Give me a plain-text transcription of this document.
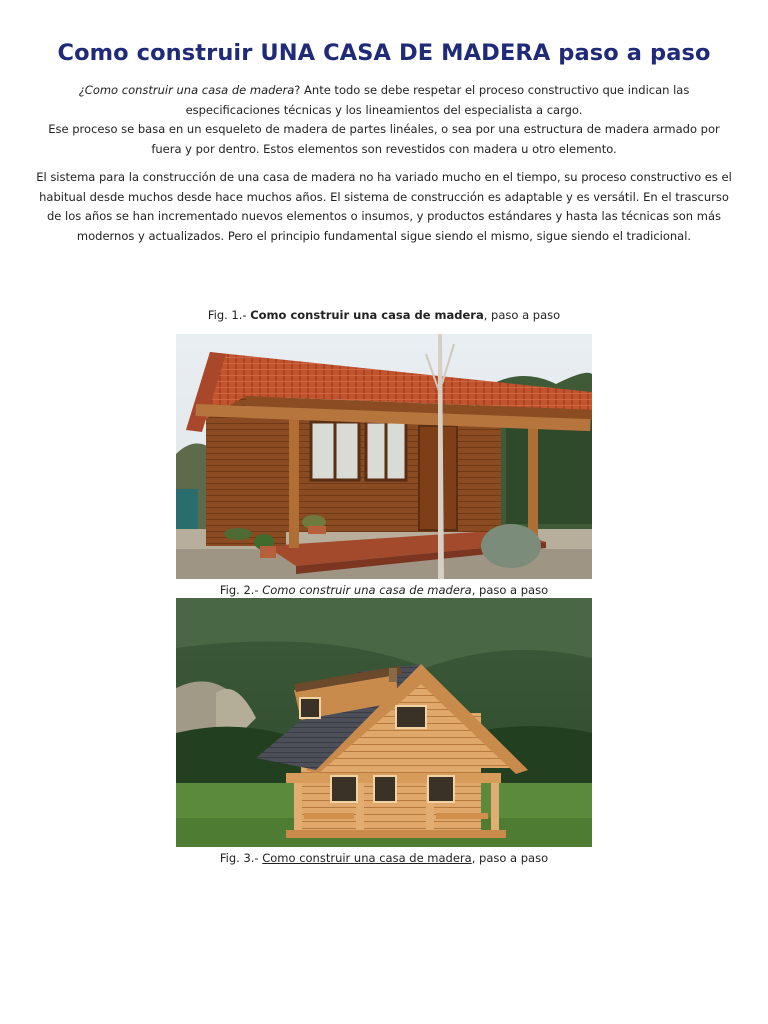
Como construir UNA CASA DE MADERA paso a paso

¿Como construir una casa de madera? Ante todo se debe respetar el proceso constructivo que indican las especificaciones técnicas y los lineamientos del especialista a cargo.

Ese proceso se basa en un esqueleto de madera de partes linéales, o sea por una estructura de madera armado por fuera y por dentro. Estos elementos son revestidos con madera u otro elemento.

El sistema para la construcción de una casa de madera no ha variado mucho en el tiempo, su proceso constructivo es el habitual desde muchos desde hace muchos años. El sistema de construcción es adaptable y es versátil. En el trascurso de los años se han incrementado nuevos elementos o insumos, y productos estándares y hasta las técnicas son más modernos y actualizados. Pero el principio fundamental sigue siendo el mismo, sigue siendo el tradicional.

Fig. 1.- Como construir una casa de madera, paso a paso

Fig. 2.- Como construir una casa de madera, paso a paso

Fig. 3.- Como construir una casa de madera, paso a paso
